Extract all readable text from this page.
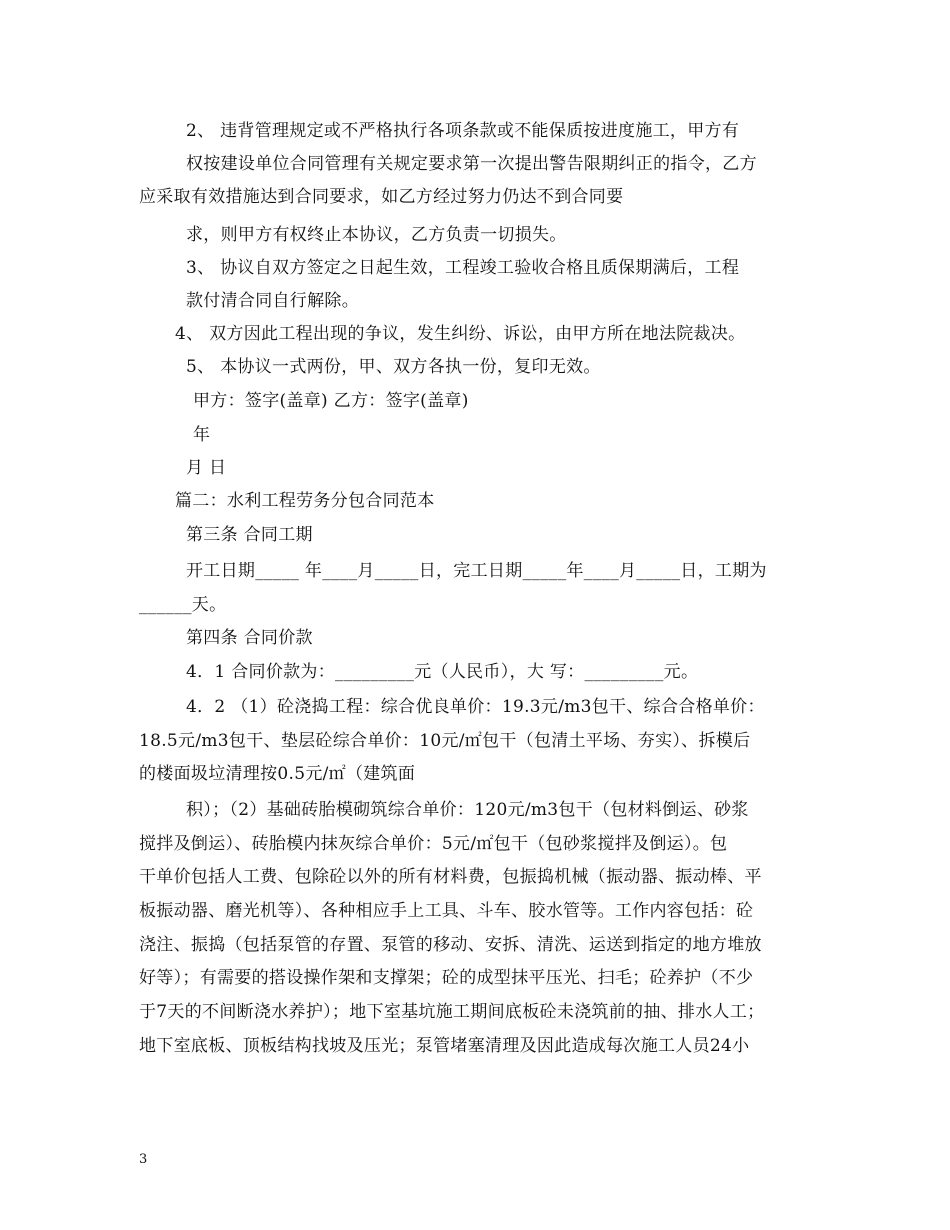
2、 违背管理规定或不严格执行各项条款或不能保质按进度施工，甲方有
权按建设单位合同管理有关规定要求第一次提出警告限期纠正的指令，乙方
应采取有效措施达到合同要求，如乙方经过努力仍达不到合同要
求，则甲方有权终止本协议，乙方负责一切损失。
3、 协议自双方签定之日起生效，工程竣工验收合格且质保期满后，工程
款付清合同自行解除。
4、 双方因此工程出现的争议，发生纠纷、诉讼，由甲方所在地法院裁决。
5、 本协议一式两份，甲、双方各执一份，复印无效。
甲方：签字(盖章) 乙方：签字(盖章)
年
月 日
篇二：水利工程劳务分包合同范本
第三条 合同工期
开工日期_____ 年____月_____日，完工日期_____年____月_____日，工期为
______天。
第四条 合同价款
4．1 合同价款为：_________元（人民币），大 写：_________元。
4．2 （1）砼浇捣工程：综合优良单价：19.3元/m3包干、综合合格单价：
18.5元/m3包干、垫层砼综合单价：10元/㎡包干（包清土平场、夯实）、拆模后
的楼面圾垃清理按0.5元/㎡（建筑面
积）；（2）基础砖胎模砌筑综合单价：120元/m3包干（包材料倒运、砂浆
搅拌及倒运）、砖胎模内抹灰综合单价：5元/㎡包干（包砂浆搅拌及倒运）。包
干单价包括人工费、包除砼以外的所有材料费，包振捣机械（振动器、振动棒、平
板振动器、磨光机等）、各种相应手上工具、斗车、胶水管等。工作内容包括：砼
浇注、振捣（包括泵管的存置、泵管的移动、安拆、清洗、运送到指定的地方堆放
好等）；有需要的搭设操作架和支撑架；砼的成型抹平压光、扫毛；砼养护（不少
于7天的不间断浇水养护）；地下室基坑施工期间底板砼未浇筑前的抽、排水人工；
地下室底板、顶板结构找坡及压光；泵管堵塞清理及因此造成每次施工人员24小
3
